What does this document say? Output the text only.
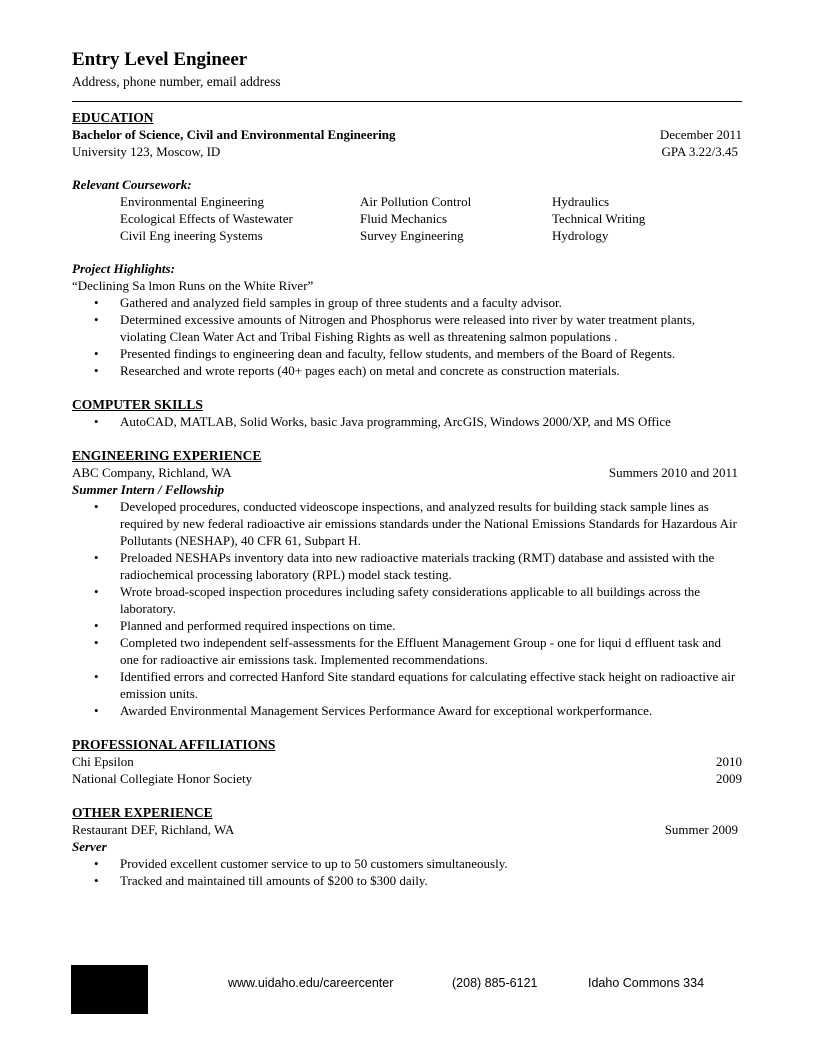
Entry Level Engineer
Address, phone number, email address
EDUCATION
Bachelor of Science, Civil and Environmental Engineering	December 2011
University 123, Moscow, ID	GPA 3.22/3.45
Relevant Coursework:
Environmental Engineering	Air Pollution Control	Hydraulics
Ecological Effects of Wastewater	Fluid Mechanics	Technical Writing
Civil Eng ineering Systems	Survey Engineering	Hydrology
Project Highlights:
“Declining Sa lmon Runs on the White River”
• Gathered and analyzed field samples in group of three students and a faculty advisor.
• Determined excessive amounts of Nitrogen and Phosphorus were released into river by water treatment plants, violating Clean Water Act and Tribal Fishing Rights as well as threatening salmon populations .
• Presented findings to engineering dean and faculty, fellow students, and members of the Board of Regents.
• Researched and wrote reports (40+ pages each) on metal and concrete as construction materials.
COMPUTER SKILLS
• AutoCAD, MATLAB, Solid Works, basic Java programming, ArcGIS, Windows 2000/XP, and MS Office
ENGINEERING EXPERIENCE
ABC Company, Richland, WA	Summers 2010 and 2011
Summer Intern / Fellowship
• Developed procedures, conducted videoscope inspections, and analyzed results for building stack sample lines as required by new federal radioactive air emissions standards under the National Emissions Standards for Hazardous Air Pollutants (NESHAP), 40 CFR 61, Subpart H.
• Preloaded NESHAPs inventory data into new radioactive materials tracking (RMT) database and assisted with the radiochemical processing laboratory (RPL) model stack testing.
• Wrote broad-scoped inspection procedures including safety considerations applicable to all buildings across the laboratory.
• Planned and performed required inspections on time.
• Completed two independent self-assessments for the Effluent Management Group - one for liqui d effluent task and one for radioactive air emissions task. Implemented recommendations.
• Identified errors and corrected Hanford Site standard equations for calculating effective stack height on radioactive air emission units.
• Awarded Environmental Management Services Performance Award for exceptional workperformance.
PROFESSIONAL AFFILIATIONS
Chi Epsilon	2010
National Collegiate Honor Society	2009
OTHER EXPERIENCE
Restaurant DEF, Richland, WA	Summer 2009
Server
• Provided excellent customer service to up to 50 customers simultaneously.
• Tracked and maintained till amounts of $200 to $300 daily.
www.uidaho.edu/careercenter	(208) 885-6121	Idaho Commons 334
